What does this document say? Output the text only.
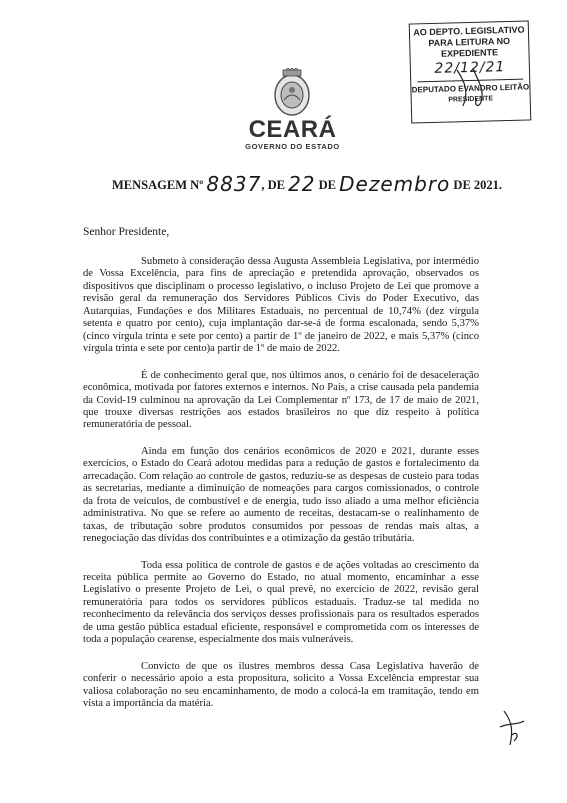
AO DEPTO. LEGISLATIVO
PARA LEITURA NO EXPEDIENTE
22/12/21
DEPUTADO EVANDRO LEITÃO
PRESIDENTE
CEARÁ
GOVERNO DO ESTADO
MENSAGEM Nº 8837, DE 22 DE Dezembro DE 2021.

Senhor Presidente,

Submeto à consideração dessa Augusta Assembleia Legislativa, por intermédio de Vossa Excelência, para fins de apreciação e pretendida aprovação, observados os dispositivos que disciplinam o processo legislativo, o incluso Projeto de Lei que promove a revisão geral da remuneração dos Servidores Públicos Civis do Poder Executivo, das Autarquias, Fundações e dos Militares Estaduais, no percentual de 10,74% (dez vírgula setenta e quatro por cento), cuja implantação dar-se-á de forma escalonada, sendo 5,37% (cinco vírgula trinta e sete por cento) a partir de 1º de janeiro de 2022, e mais 5,37% (cinco vírgula trinta e sete por cento)a partir de 1º de maio de 2022.

É de conhecimento geral que, nos últimos anos, o cenário foi de desaceleração econômica, motivada por fatores externos e internos. No País, a crise causada pela pandemia da Covid-19 culminou na aprovação da Lei Complementar nº 173, de 17 de maio de 2021, que trouxe diversas restrições aos estados brasileiros no que diz respeito à política remuneratória de pessoal.

Ainda em função dos cenários econômicos de 2020 e 2021, durante esses exercícios, o Estado do Ceará adotou medidas para a redução de gastos e fortalecimento da arrecadação. Com relação ao controle de gastos, reduziu-se as despesas de custeio para todas as secretarias, mediante a diminuição de nomeações para cargos comissionados, o controle da frota de veículos, de combustível e de energia, tudo isso aliado a uma melhor eficiência administrativa. No que se refere ao aumento de receitas, destacam-se o realinhamento de taxas, de tributação sobre produtos consumidos por pessoas de rendas mais altas, a renegociação das dívidas dos contribuintes e a otimização da gestão tributária.

Toda essa política de controle de gastos e de ações voltadas ao crescimento da receita pública permite ao Governo do Estado, no atual momento, encaminhar a esse Legislativo o presente Projeto de Lei, o qual prevê, no exercício de 2022, revisão geral remuneratória para todos os servidores públicos estaduais. Traduz-se tal medida no reconhecimento da relevância dos serviços desses profissionais para os resultados esperados de uma gestão pública estadual eficiente, responsável e comprometida com os interesses de toda a população cearense, especialmente dos mais vulneráveis.

Convicto de que os ilustres membros dessa Casa Legislativa haverão de conferir o necessário apoio a esta propositura, solicito a Vossa Excelência emprestar sua valiosa colaboração no seu encaminhamento, de modo a colocá-la em tramitação, tendo em vista a importância da matéria.
